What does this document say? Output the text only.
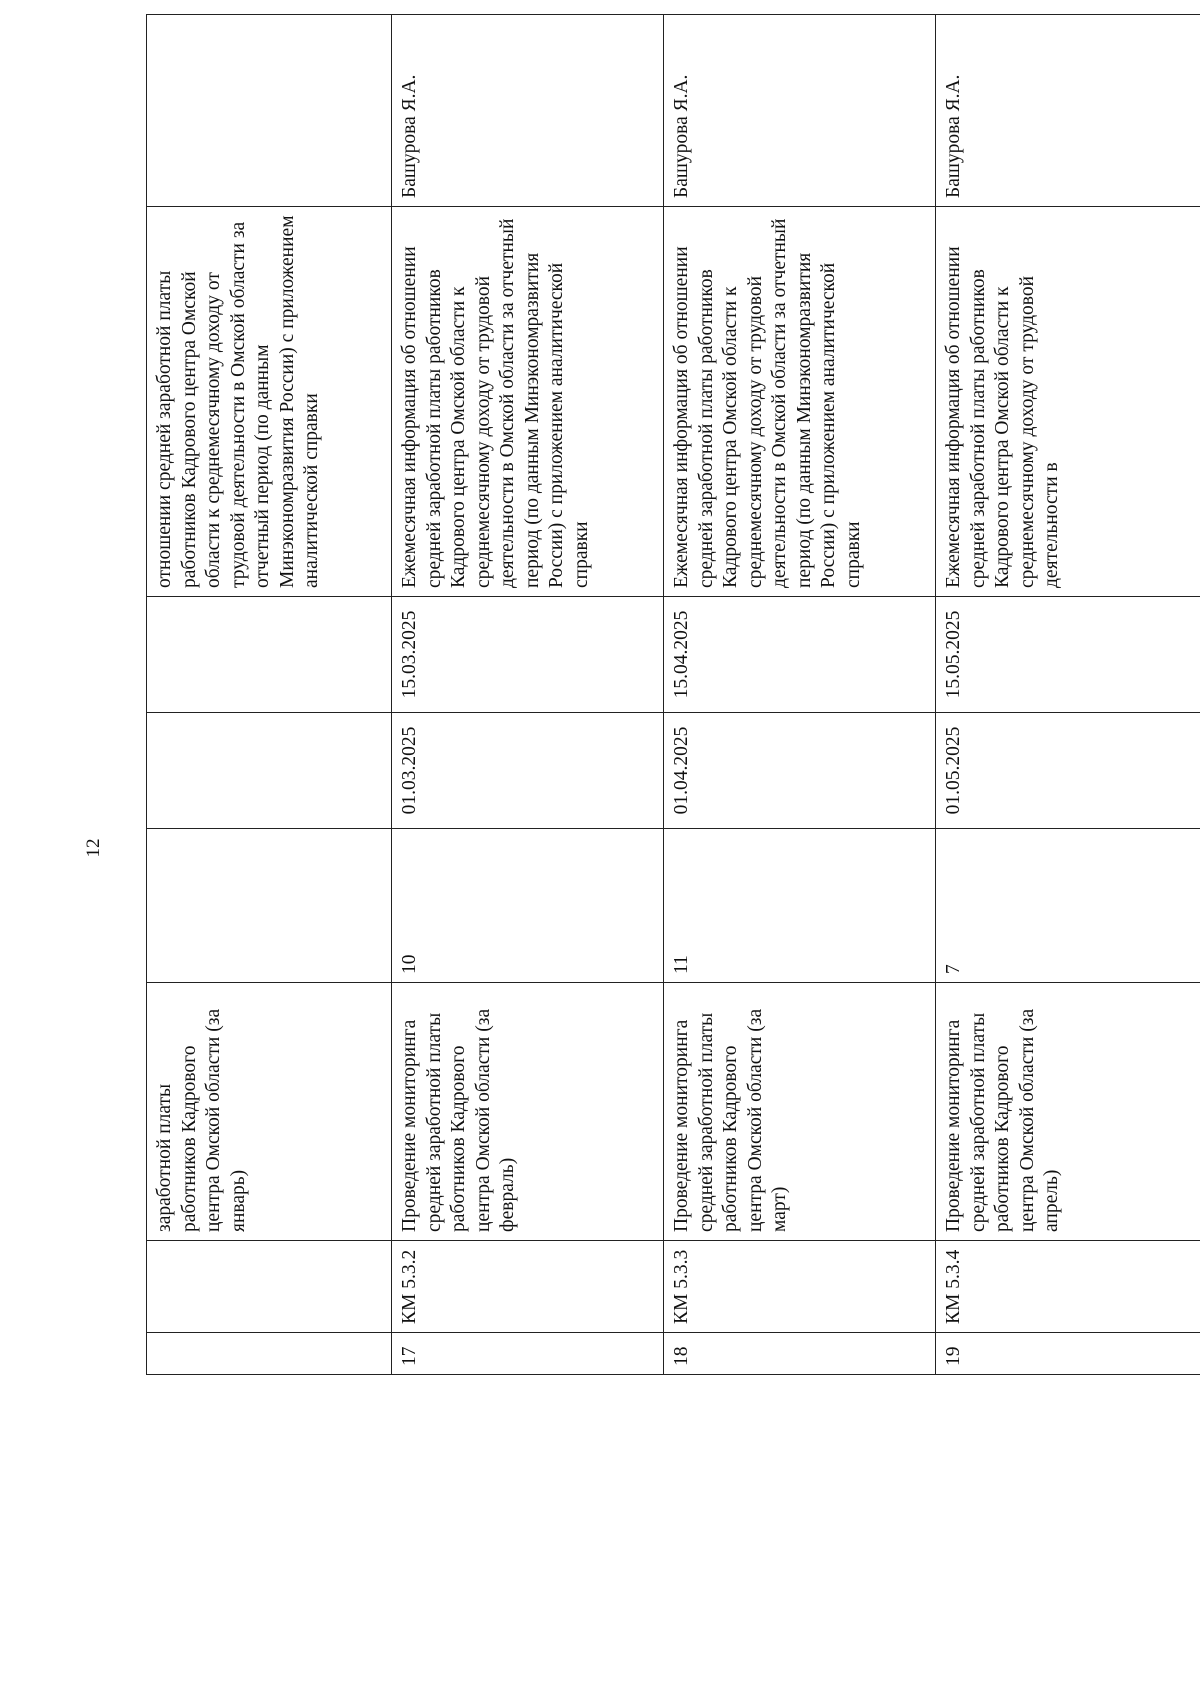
12

		заработной платы работников Кадрового центра Омской области (за январь)				отношении средней заработной платы работников Кадрового центра Омской области к среднемесячному доходу от трудовой деятельности в Омской области за отчетный период (по данным Минэкономразвития России) с приложением аналитической справки	

17	КМ 5.3.2	Проведение мониторинга средней заработной платы работников Кадрового центра Омской области (за февраль)	10	01.03.2025	15.03.2025	Ежемесячная информация об отношении средней заработной платы работников Кадрового центра Омской области к среднемесячному доходу от трудовой деятельности в Омской области за отчетный период (по данным Минэкономразвития России) с приложением аналитической справки	Башурова Я.А.
18	КМ 5.3.3	Проведение мониторинга средней заработной платы работников Кадрового центра Омской области (за март)	11	01.04.2025	15.04.2025	Ежемесячная информация об отношении средней заработной платы работников Кадрового центра Омской области к среднемесячному доходу от трудовой деятельности в Омской области за отчетный период (по данным Минэкономразвития России) с приложением аналитической справки	Башурова Я.А.
19	КМ 5.3.4	Проведение мониторинга средней заработной платы работников Кадрового центра Омской области (за апрель)	7	01.05.2025	15.05.2025	Ежемесячная информация об отношении средней заработной платы работников Кадрового центра Омской области к среднемесячному доходу от трудовой деятельности в	Башурова Я.А.
